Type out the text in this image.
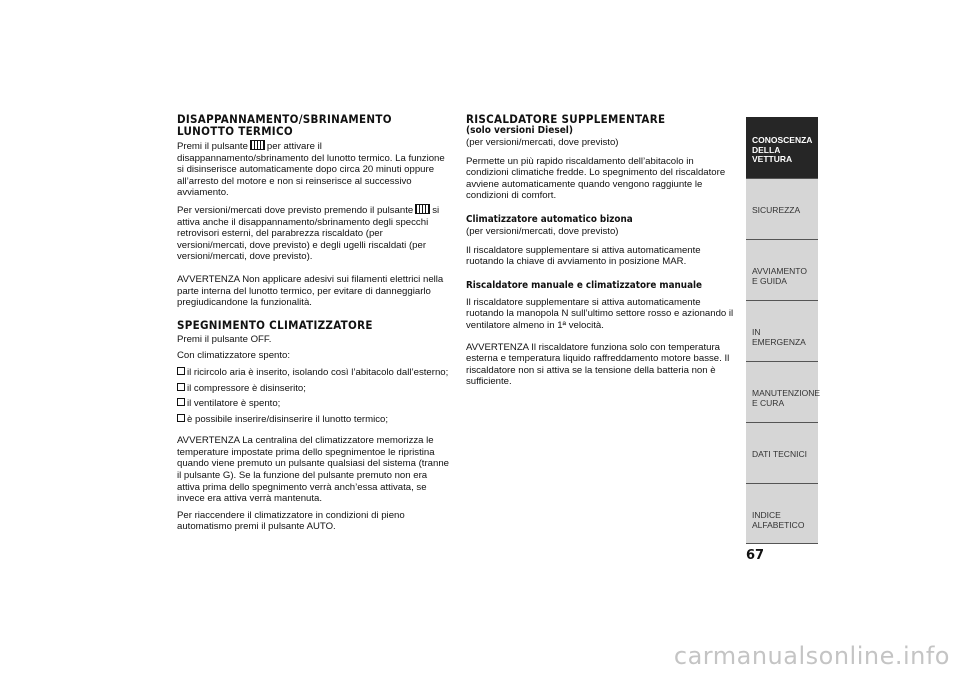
DISAPPANNAMENTO/SBRINAMENTO LUNOTTO TERMICO

Premi il pulsante per attivare il disappannamento/sbrinamento del lunotto termico. La funzione si disinserisce automaticamente dopo circa 20 minuti oppure all’arresto del motore e non si reinserisce al successivo avviamento.

Per versioni/mercati dove previsto premendo il pulsante si attiva anche il disappannamento/sbrinamento degli specchi retrovisori esterni, del parabrezza riscaldato (per versioni/mercati, dove previsto) e degli ugelli riscaldati (per versioni/mercati, dove previsto).

AVVERTENZA Non applicare adesivi sui filamenti elettrici nella parte interna del lunotto termico, per evitare di danneggiarlo pregiudicandone la funzionalità.

SPEGNIMENTO CLIMATIZZATORE

Premi il pulsante OFF.

Con climatizzatore spento:

il ricircolo aria è inserito, isolando così l’abitacolo dall’esterno;
il compressore è disinserito;
il ventilatore è spento;
è possibile inserire/disinserire il lunotto termico;

AVVERTENZA La centralina del climatizzatore memorizza le temperature impostate prima dello spegnimentoe le ripristina quando viene premuto un pulsante qualsiasi del sistema (tranne il pulsante G). Se la funzione del pulsante premuto non era attiva prima dello spegnimento verrà anch’essa attivata, se invece era attiva verrà mantenuta.

Per riaccendere il climatizzatore in condizioni di pieno automatismo premi il pulsante AUTO.

RISCALDATORE SUPPLEMENTARE
(solo versioni Diesel)

(per versioni/mercati, dove previsto)

Permette un più rapido riscaldamento dell’abitacolo in condizioni climatiche fredde. Lo spegnimento del riscaldatore avviene automaticamente quando vengono raggiunte le condizioni di comfort.

Climatizzatore automatico bizona

(per versioni/mercati, dove previsto)

Il riscaldatore supplementare si attiva automaticamente ruotando la chiave di avviamento in posizione MAR.

Riscaldatore manuale e climatizzatore manuale

Il riscaldatore supplementare si attiva automaticamente ruotando la manopola N sull’ultimo settore rosso e azionando il ventilatore almeno in 1ª velocità.

AVVERTENZA Il riscaldatore funziona solo con temperatura esterna e temperatura liquido raffreddamento motore basse. Il riscaldatore non si attiva se la tensione della batteria non è sufficiente.

CONOSCENZA DELLA VETTURA
SICUREZZA
AVVIAMENTO E GUIDA
IN EMERGENZA
MANUTENZIONE E CURA
DATI TECNICI
INDICE ALFABETICO
67
carmanualsonline.info
